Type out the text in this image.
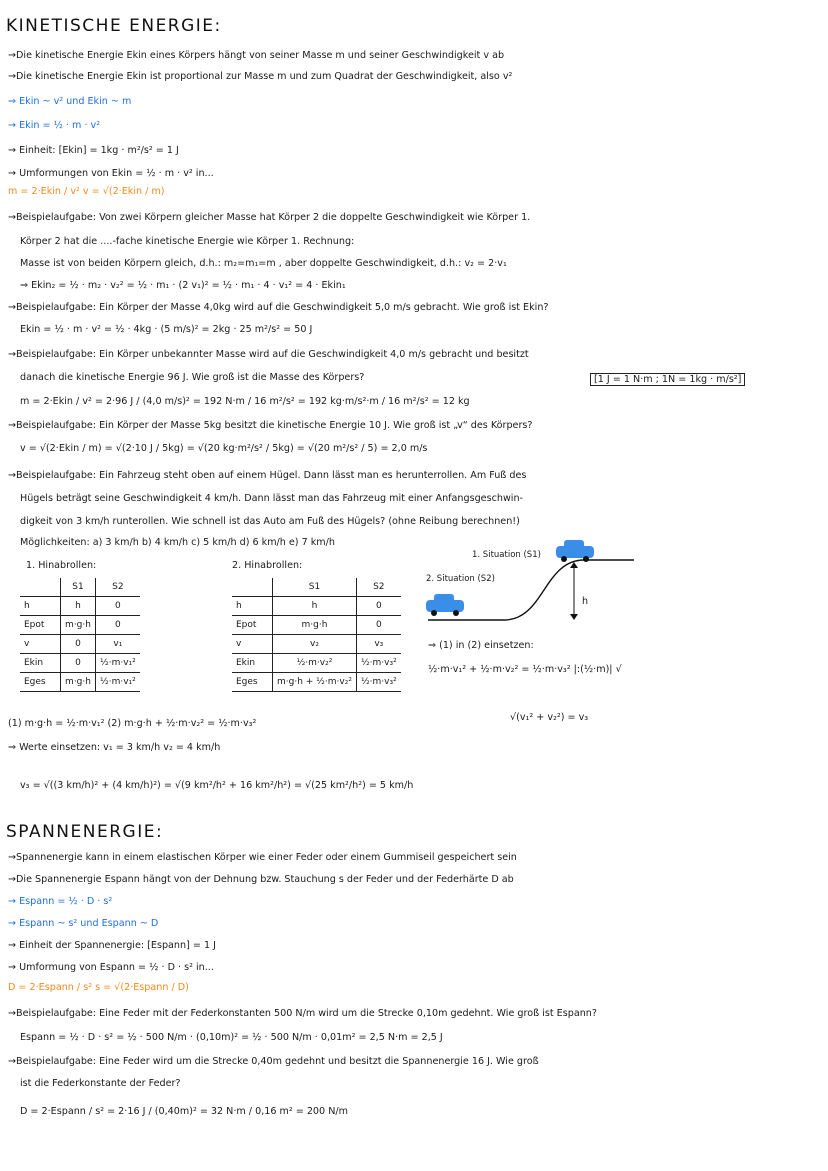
KINETISCHE ENERGIE:
→Die kinetische Energie Ekin eines Körpers hängt von seiner Masse m und seiner Geschwindigkeit v ab
→Die kinetische Energie Ekin ist proportional zur Masse m und zum Quadrat der Geschwindigkeit, also v²
⇒ Ekin ~ v² und Ekin ~ m
→ Ekin = ½ · m · v²
→ Einheit: [Ekin] = 1kg · m²/s² = 1 J
→ Umformungen von Ekin = ½ · m · v² in...
m = 2·Ekin / v² v = √(2·Ekin / m)
→Beispielaufgabe: Von zwei Körpern gleicher Masse hat Körper 2 die doppelte Geschwindigkeit wie Körper 1.
Körper 2 hat die ....-fache kinetische Energie wie Körper 1. Rechnung:
Masse ist von beiden Körpern gleich, d.h.: m₂=m₁=m , aber doppelte Geschwindigkeit, d.h.: v₂ = 2·v₁
⇒ Ekin₂ = ½ · m₂ · v₂² = ½ · m₁ · (2 v₁)² = ½ · m₁ · 4 · v₁² = 4 · Ekin₁
→Beispielaufgabe: Ein Körper der Masse 4,0kg wird auf die Geschwindigkeit 5,0 m/s gebracht. Wie groß ist Ekin?
Ekin = ½ · m · v² = ½ · 4kg · (5 m/s)² = 2kg · 25 m²/s² = 50 J
→Beispielaufgabe: Ein Körper unbekannter Masse wird auf die Geschwindigkeit 4,0 m/s gebracht und besitzt
danach die kinetische Energie 96 J. Wie groß ist die Masse des Körpers?	[1 J = 1 N·m ; 1N = 1kg · m/s²]
m = 2·Ekin / v² = 2·96 J / (4,0 m/s)² = 192 N·m / 16 m²/s² = 192 kg·m/s²·m / 16 m²/s² = 12 kg
→Beispielaufgabe: Ein Körper der Masse 5kg besitzt die kinetische Energie 10 J. Wie groß ist „v“ des Körpers?
v = √(2·Ekin / m) = √(2·10 J / 5kg) = √(20 kg·m²/s² / 5kg) = √(20 m²/s² / 5) = 2,0 m/s
→Beispielaufgabe: Ein Fahrzeug steht oben auf einem Hügel. Dann lässt man es herunterrollen. Am Fuß des
Hügels beträgt seine Geschwindigkeit 4 km/h. Dann lässt man das Fahrzeug mit einer Anfangsgeschwin-
digkeit von 3 km/h runterollen. Wie schnell ist das Auto am Fuß des Hügels? (ohne Reibung berechnen!)
Möglichkeiten: a) 3 km/h b) 4 km/h c) 5 km/h d) 6 km/h e) 7 km/h
1. Hinabrollen:
	S1	S2
h	h	0
Epot	m·g·h	0
v	0	v₁
Ekin	0	½·m·v₁²
Eges	m·g·h	½·m·v₁²
2. Hinabrollen:
	S1	S2
h	h	0
Epot	m·g·h	0
v	v₂	v₃
Ekin	½·m·v₂²	½·m·v₃²
Eges	m·g·h + ½·m·v₂²	½·m·v₃²
1. Situation (S1)
2. Situation (S2)
h
⇒ (1) in (2) einsetzen:
½·m·v₁² + ½·m·v₂² = ½·m·v₃² |:(½·m)| √
√(v₁² + v₂²) = v₃
(1) m·g·h = ½·m·v₁² (2) m·g·h + ½·m·v₂² = ½·m·v₃²
⇒ Werte einsetzen: v₁ = 3 km/h v₂ = 4 km/h
v₃ = √((3 km/h)² + (4 km/h)²) = √(9 km²/h² + 16 km²/h²) = √(25 km²/h²) = 5 km/h
SPANNENERGIE:
→Spannenergie kann in einem elastischen Körper wie einer Feder oder einem Gummiseil gespeichert sein
→Die Spannenergie Espann hängt von der Dehnung bzw. Stauchung s der Feder und der Federhärte D ab
→ Espann = ½ · D · s²
→ Espann ~ s² und Espann ~ D
→ Einheit der Spannenergie: [Espann] = 1 J
→ Umformung von Espann = ½ · D · s² in...
D = 2·Espann / s² s = √(2·Espann / D)
→Beispielaufgabe: Eine Feder mit der Federkonstanten 500 N/m wird um die Strecke 0,10m gedehnt. Wie groß ist Espann?
Espann = ½ · D · s² = ½ · 500 N/m · (0,10m)² = ½ · 500 N/m · 0,01m² = 2,5 N·m = 2,5 J
→Beispielaufgabe: Eine Feder wird um die Strecke 0,40m gedehnt und besitzt die Spannenergie 16 J. Wie groß
ist die Federkonstante der Feder?
D = 2·Espann / s² = 2·16 J / (0,40m)² = 32 N·m / 0,16 m² = 200 N/m
